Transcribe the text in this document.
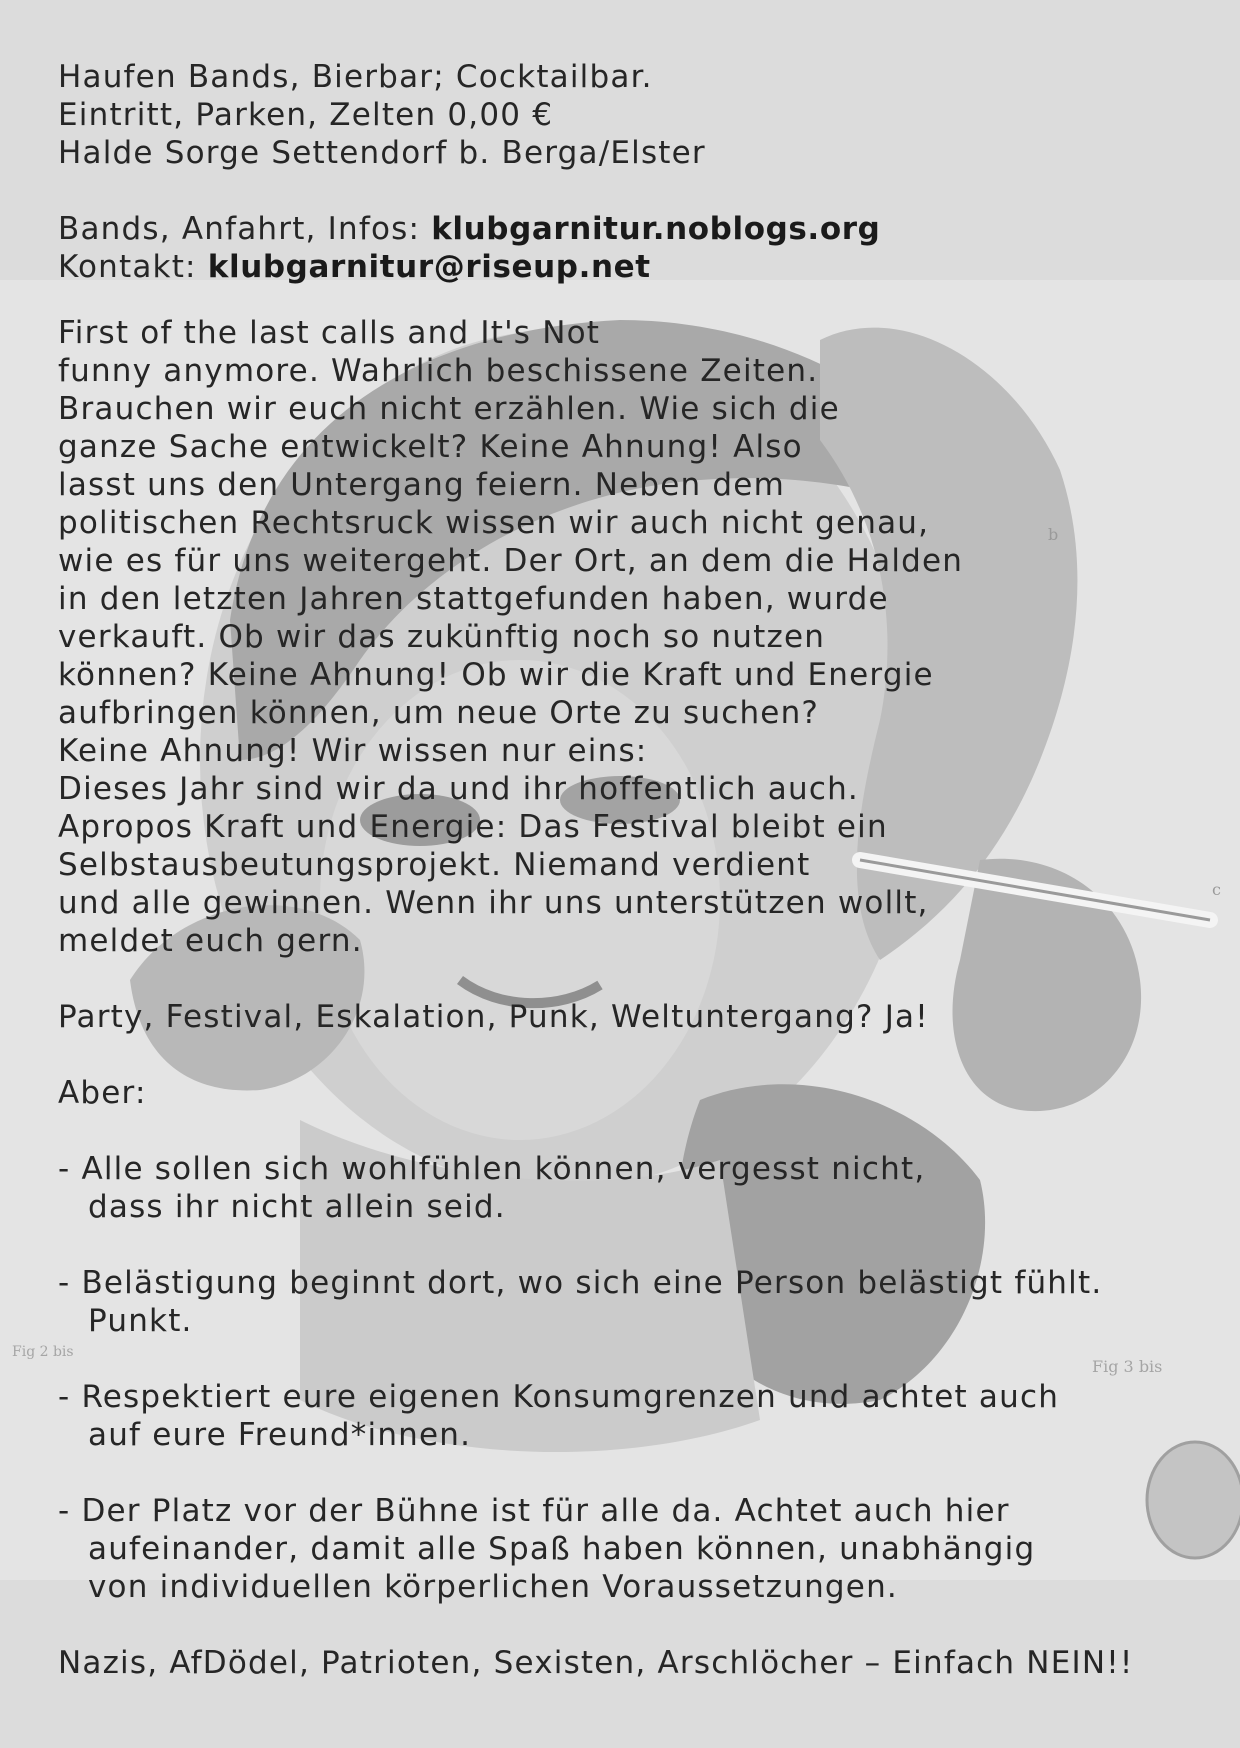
b
c
Fig 2 bis
Fig 3 bis

Haufen Bands, Bierbar; Cocktailbar.

Eintritt, Parken, Zelten 0,00 €

Halde Sorge Settendorf b. Berga/Elster

Bands, Anfahrt, Infos: klubgarnitur.noblogs.org

Kontakt: klubgarnitur@riseup.net

First of the last calls and It's Not

funny anymore. Wahrlich beschissene Zeiten.

Brauchen wir euch nicht erzählen. Wie sich die

ganze Sache entwickelt? Keine Ahnung! Also

lasst uns den Untergang feiern. Neben dem

politischen Rechtsruck wissen wir auch nicht genau,

wie es für uns weitergeht. Der Ort, an dem die Halden

in den letzten Jahren stattgefunden haben, wurde

verkauft. Ob wir das zukünftig noch so nutzen

können? Keine Ahnung! Ob wir die Kraft und Energie

aufbringen können, um neue Orte zu suchen?

Keine Ahnung! Wir wissen nur eins:

Dieses Jahr sind wir da und ihr hoffentlich auch.

Apropos Kraft und Energie: Das Festival bleibt ein

Selbstausbeutungsprojekt. Niemand verdient

und alle gewinnen. Wenn ihr uns unterstützen wollt,

meldet euch gern.

Party, Festival, Eskalation, Punk, Weltuntergang? Ja!

Aber:

- Alle sollen sich wohlfühlen können, vergesst nicht,

dass ihr nicht allein seid.

- Belästigung beginnt dort, wo sich eine Person belästigt fühlt.

Punkt.

- Respektiert eure eigenen Konsumgrenzen und achtet auch

auf eure Freund*innen.

- Der Platz vor der Bühne ist für alle da. Achtet auch hier

aufeinander, damit alle Spaß haben können, unabhängig
von individuellen körperlichen Voraussetzungen.

Nazis, AfDödel, Patrioten, Sexisten, Arschlöcher – Einfach NEIN!!
